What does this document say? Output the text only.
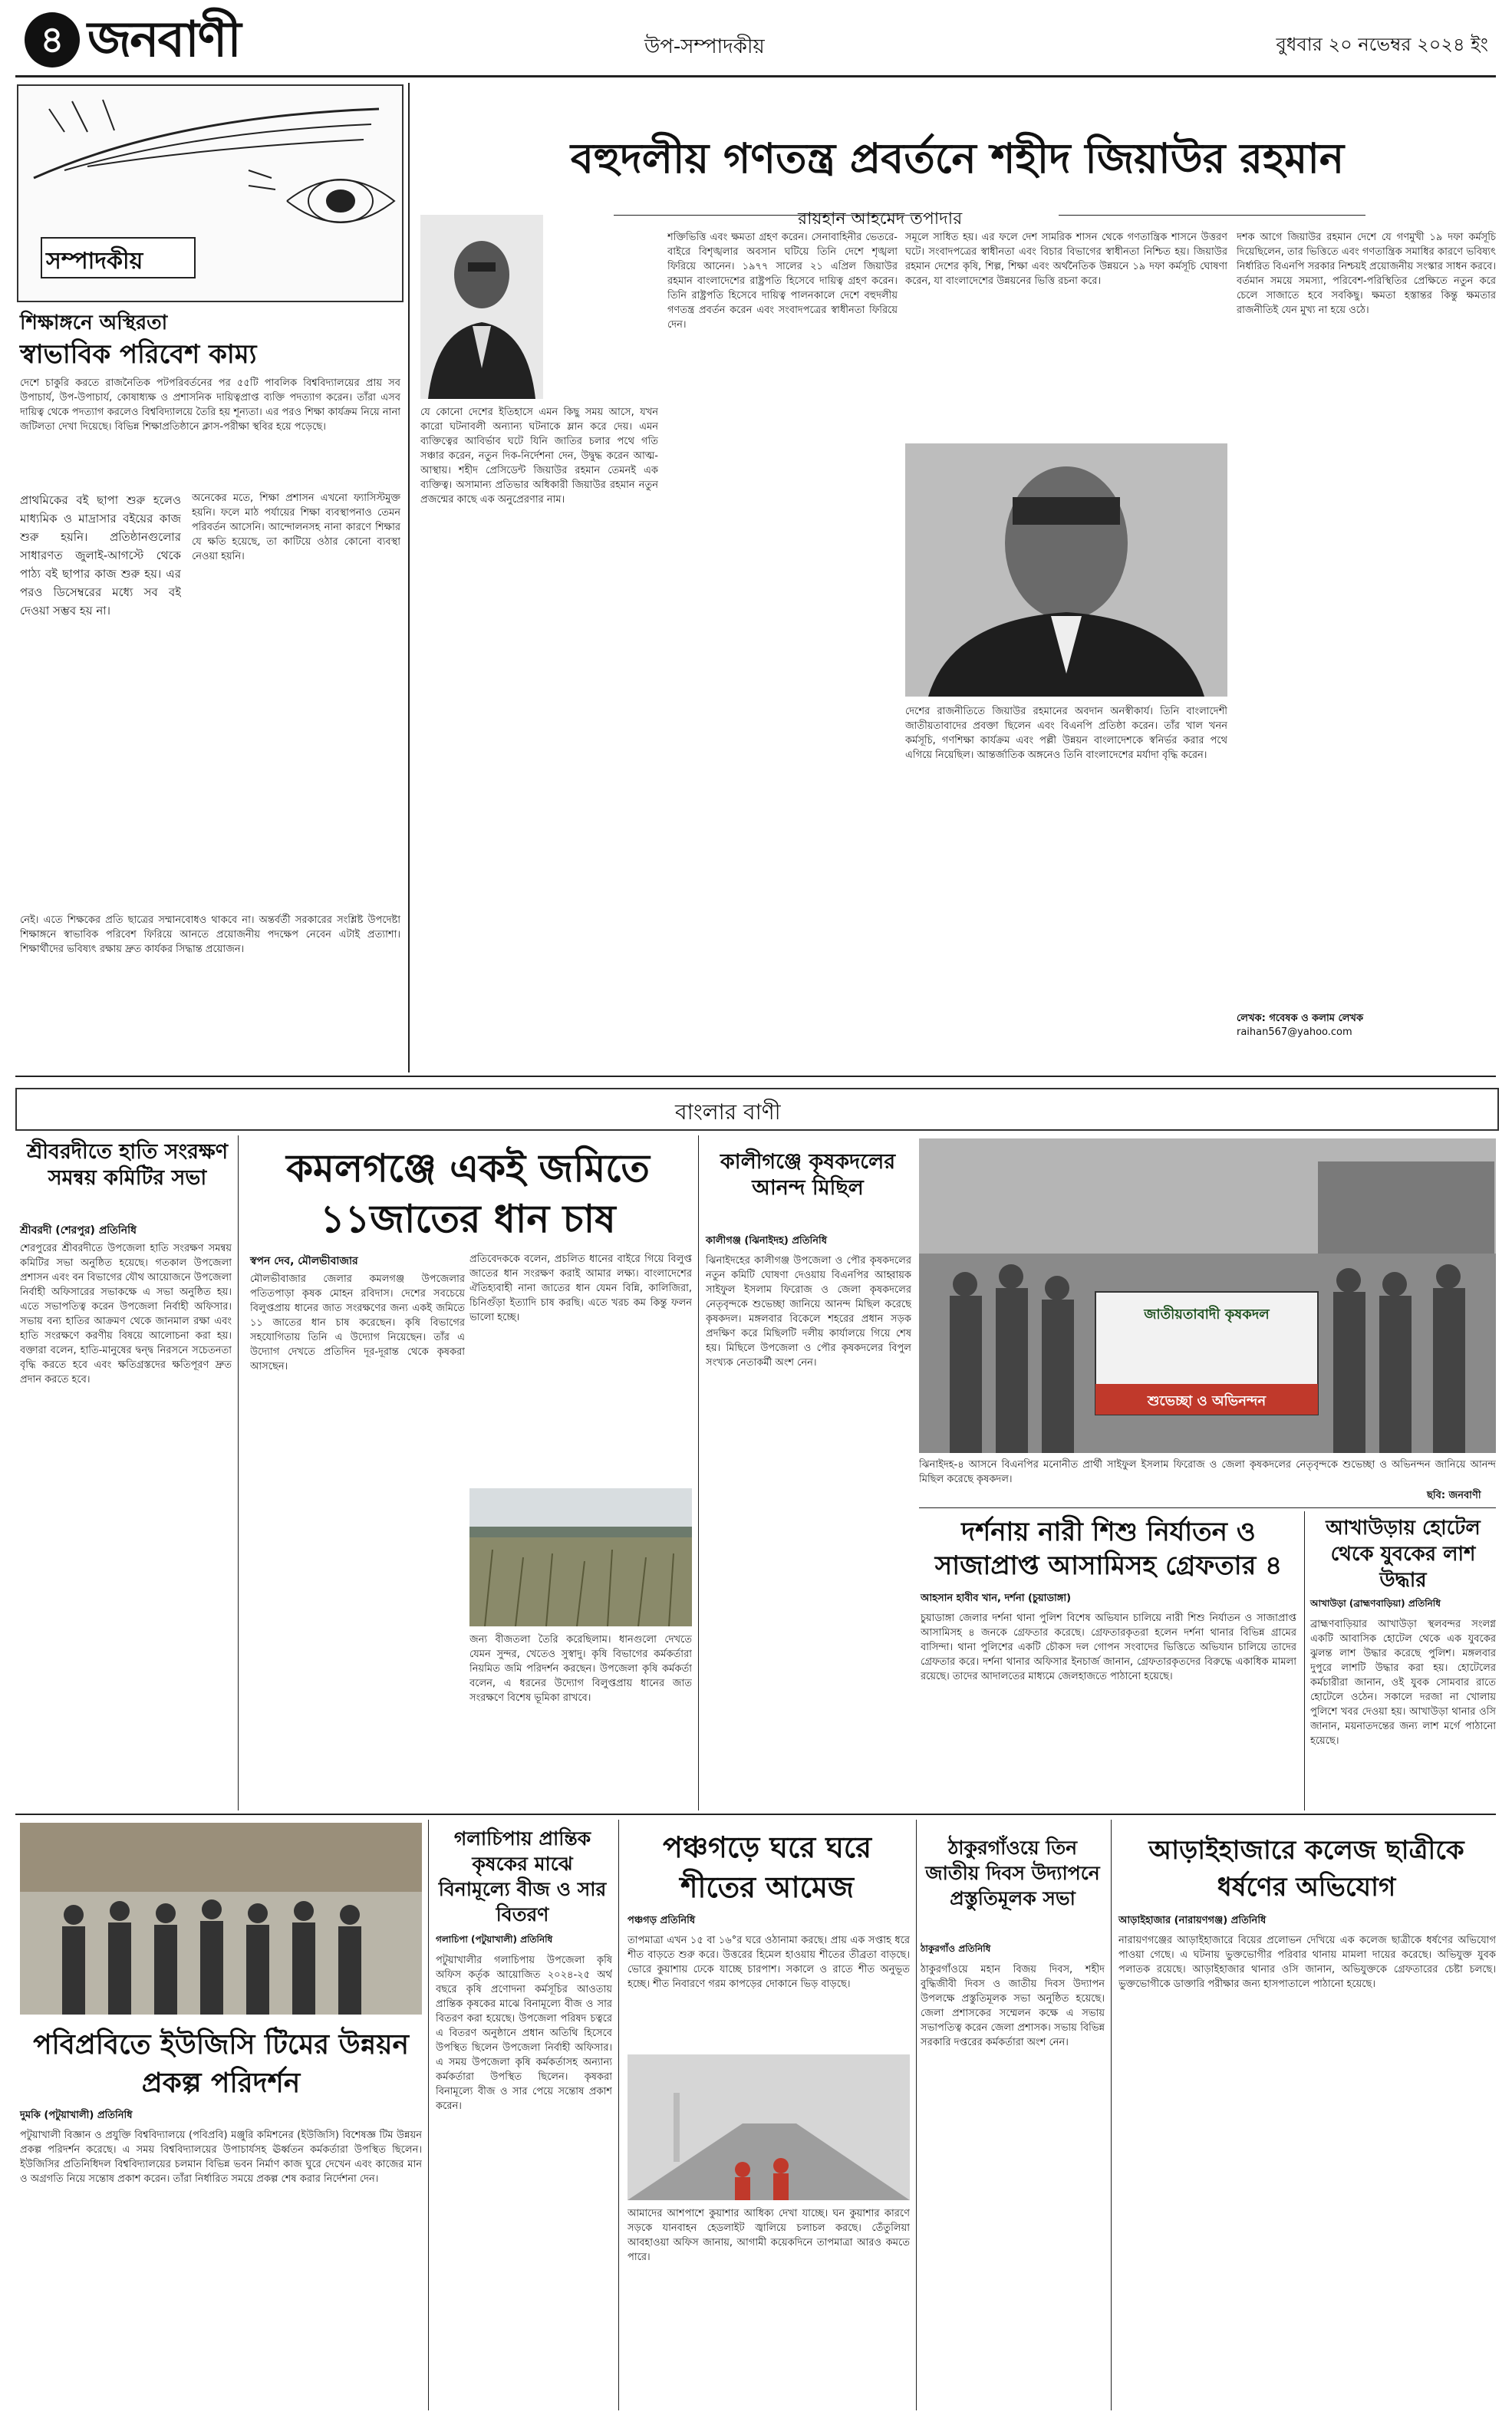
৪ জনবাণী	উপ-সম্পাদকীয়	বুধবার ২০ নভেম্বর ২০২৪ ইং
সম্পাদকীয়
শিক্ষাঙ্গনে অস্থিরতা
স্বাভাবিক পরিবেশ কাম্য
দেশে চাকুরি করতে রাজনৈতিক পটপরিবর্তনের পর ৫৫টি পাবলিক বিশ্ববিদ্যালয়ের প্রায় সব উপাচার্য, উপ-উপাচার্য, কোষাধ্যক্ষ ও প্রশাসনিক দায়িত্বপ্রাপ্ত ব্যক্তি পদত্যাগ করেন। তাঁরা এসব দায়িত্ব থেকে পদত্যাগ করলেও বিশ্ববিদ্যালয়ে তৈরি হয় শূন্যতা। এর পরও শিক্ষা কার্যক্রম নিয়ে নানা জটিলতা দেখা দিয়েছে। বিভিন্ন শিক্ষাপ্রতিষ্ঠানে ক্লাস-পরীক্ষা স্থবির হয়ে পড়েছে।
প্রাথমিকের বই ছাপা শুরু হলেও মাধ্যমিক ও মাদ্রাসার বইয়ের কাজ শুরু হয়নি। প্রতিষ্ঠানগুলোর সাধারণত জুলাই-আগস্টে থেকে পাঠ্য বই ছাপার কাজ শুরু হয়। এর পরও ডিসেম্বরের মধ্যে সব বই দেওয়া সম্ভব হয় না।
অনেকের মতে, শিক্ষা প্রশাসন এখনো ফ্যাসিস্টমুক্ত হয়নি। ফলে মাঠ পর্যায়ের শিক্ষা ব্যবস্থাপনাও তেমন পরিবর্তন আসেনি। আন্দোলনসহ নানা কারণে শিক্ষার যে ক্ষতি হয়েছে, তা কাটিয়ে ওঠার কোনো ব্যবস্থা নেওয়া হয়নি।
নেই। এতে শিক্ষকের প্রতি ছাত্রের সম্মানবোধও থাকবে না। অন্তর্বর্তী সরকারের সংশ্লিষ্ট উপদেষ্টা শিক্ষাঙ্গনে স্বাভাবিক পরিবেশ ফিরিয়ে আনতে প্রয়োজনীয় পদক্ষেপ নেবেন এটাই প্রত্যাশা। শিক্ষার্থীদের ভবিষ্যৎ রক্ষায় দ্রুত কার্যকর সিদ্ধান্ত প্রয়োজন।
বহুদলীয় গণতন্ত্র প্রবর্তনে শহীদ জিয়াউর রহমান
রায়হান আহমেদ তপাদার
যে কোনো দেশের ইতিহাসে এমন কিছু সময় আসে, যখন কারো ঘটনাবলী অন্যান্য ঘটনাকে ম্লান করে দেয়। এমন ব্যক্তিত্বের আবির্ভাব ঘটে যিনি জাতির চলার পথে গতি সঞ্চার করেন, নতুন দিক-নির্দেশনা দেন, উদ্বুদ্ধ করেন আত্ম-আস্থায়। শহীদ প্রেসিডেন্ট জিয়াউর রহমান তেমনই এক ব্যক্তিত্ব। অসামান্য প্রতিভার অধিকারী জিয়াউর রহমান নতুন প্রজন্মের কাছে এক অনুপ্রেরণার নাম।
শক্তিভিত্তি এবং ক্ষমতা গ্রহণ করেন। সেনাবাহিনীর ভেতরে-বাইরে বিশৃঙ্খলার অবসান ঘটিয়ে তিনি দেশে শৃঙ্খলা ফিরিয়ে আনেন। ১৯৭৭ সালের ২১ এপ্রিল জিয়াউর রহমান বাংলাদেশের রাষ্ট্রপতি হিসেবে দায়িত্ব গ্রহণ করেন। তিনি রাষ্ট্রপতি হিসেবে দায়িত্ব পালনকালে দেশে বহুদলীয় গণতন্ত্র প্রবর্তন করেন এবং সংবাদপত্রের স্বাধীনতা ফিরিয়ে দেন।
সমূলে সাধিত হয়। এর ফলে দেশ সামরিক শাসন থেকে গণতান্ত্রিক শাসনে উত্তরণ ঘটে। সংবাদপত্রের স্বাধীনতা এবং বিচার বিভাগের স্বাধীনতা নিশ্চিত হয়। জিয়াউর রহমান দেশের কৃষি, শিল্প, শিক্ষা এবং অর্থনৈতিক উন্নয়নে ১৯ দফা কর্মসূচি ঘোষণা করেন, যা বাংলাদেশের উন্নয়নের ভিত্তি রচনা করে।
দেশের রাজনীতিতে জিয়াউর রহমানের অবদান অনস্বীকার্য। তিনি বাংলাদেশী জাতীয়তাবাদের প্রবক্তা ছিলেন এবং বিএনপি প্রতিষ্ঠা করেন। তাঁর খাল খনন কর্মসূচি, গণশিক্ষা কার্যক্রম এবং পল্লী উন্নয়ন বাংলাদেশকে স্বনির্ভর করার পথে এগিয়ে নিয়েছিল। আন্তর্জাতিক অঙ্গনেও তিনি বাংলাদেশের মর্যাদা বৃদ্ধি করেন।
দশক আগে জিয়াউর রহমান দেশে যে গণমুখী ১৯ দফা কর্মসূচি দিয়েছিলেন, তার ভিত্তিতে এবং গণতান্ত্রিক সমাধির কারণে ভবিষ্যৎ নির্ধারিত বিএনপি সরকার নিশ্চয়ই প্রয়োজনীয় সংস্কার সাধন করবে। বর্তমান সময়ে সমস্যা, পরিবেশ-পরিস্থিতির প্রেক্ষিতে নতুন করে চেলে সাজাতে হবে সবকিছু। ক্ষমতা হস্তান্তর কিন্তু ক্ষমতার রাজনীতিই যেন মুখ্য না হয়ে ওঠে।
লেখক: গবেষক ও কলাম লেখক
raihan567@yahoo.com
বাংলার বাণী
শ্রীবরদীতে হাতি সংরক্ষণ সমন্বয় কমিটির সভা
শ্রীবরদী (শেরপুর) প্রতিনিধি
শেরপুরের শ্রীবরদীতে উপজেলা হাতি সংরক্ষণ সমন্বয় কমিটির সভা অনুষ্ঠিত হয়েছে। গতকাল উপজেলা প্রশাসন এবং বন বিভাগের যৌথ আয়োজনে উপজেলা নির্বাহী অফিসারের সভাকক্ষে এ সভা অনুষ্ঠিত হয়। এতে সভাপতিত্ব করেন উপজেলা নির্বাহী অফিসার। সভায় বন্য হাতির আক্রমণ থেকে জানমাল রক্ষা এবং হাতি সংরক্ষণে করণীয় বিষয়ে আলোচনা করা হয়। বক্তারা বলেন, হাতি-মানুষের দ্বন্দ্ব নিরসনে সচেতনতা বৃদ্ধি করতে হবে এবং ক্ষতিগ্রস্তদের ক্ষতিপূরণ দ্রুত প্রদান করতে হবে।
কমলগঞ্জে একই জমিতে ১১জাতের ধান চাষ
স্বপন দেব, মৌলভীবাজার
মৌলভীবাজার জেলার কমলগঞ্জ উপজেলার পতিতপাড়া কৃষক মোহন রবিদাস। দেশের সবচেয়ে বিলুপ্তপ্রায় ধানের জাত সংরক্ষণের জন্য একই জমিতে ১১ জাতের ধান চাষ করেছেন। কৃষি বিভাগের সহযোগিতায় তিনি এ উদ্যোগ নিয়েছেন। তাঁর এ উদ্যোগ দেখতে প্রতিদিন দূর-দূরান্ত থেকে কৃষকরা আসছেন।
প্রতিবেদককে বলেন, প্রচলিত ধানের বাইরে গিয়ে বিলুপ্ত জাতের ধান সংরক্ষণ করাই আমার লক্ষ্য। বাংলাদেশের ঐতিহ্যবাহী নানা জাতের ধান যেমন বিন্নি, কালিজিরা, চিনিগুঁড়া ইত্যাদি চাষ করছি। এতে খরচ কম কিন্তু ফলন ভালো হচ্ছে।
জন্য বীজতলা তৈরি করেছিলাম। ধানগুলো দেখতে যেমন সুন্দর, খেতেও সুস্বাদু। কৃষি বিভাগের কর্মকর্তারা নিয়মিত জমি পরিদর্শন করছেন। উপজেলা কৃষি কর্মকর্তা বলেন, এ ধরনের উদ্যোগ বিলুপ্তপ্রায় ধানের জাত সংরক্ষণে বিশেষ ভূমিকা রাখবে।
কালীগঞ্জে কৃষকদলের আনন্দ মিছিল
কালীগঞ্জ (ঝিনাইদহ) প্রতিনিধি
ঝিনাইদহের কালীগঞ্জ উপজেলা ও পৌর কৃষকদলের নতুন কমিটি ঘোষণা দেওয়ায় বিএনপির আহ্বায়ক সাইফুল ইসলাম ফিরোজ ও জেলা কৃষকদলের নেতৃবৃন্দকে শুভেচ্ছা জানিয়ে আনন্দ মিছিল করেছে কৃষকদল। মঙ্গলবার বিকেলে শহরের প্রধান সড়ক প্রদক্ষিণ করে মিছিলটি দলীয় কার্যালয়ে গিয়ে শেষ হয়। মিছিলে উপজেলা ও পৌর কৃষকদলের বিপুল সংখ্যক নেতাকর্মী অংশ নেন।
জাতীয়তাবাদী কৃষকদল
শুভেচ্ছা ও অভিনন্দন
ঝিনাইদহ-৪ আসনে বিএনপির মনোনীত প্রার্থী সাইফুল ইসলাম ফিরোজ ও জেলা কৃষকদলের নেতৃবৃন্দকে শুভেচ্ছা ও অভিনন্দন জানিয়ে আনন্দ মিছিল করেছে কৃষকদল।
ছবি: জনবাণী
দর্শনায় নারী শিশু নির্যাতন ও সাজাপ্রাপ্ত আসামিসহ গ্রেফতার ৪
আহসান হাবীব খান, দর্শনা (চুয়াডাঙ্গা)
চুয়াডাঙ্গা জেলার দর্শনা থানা পুলিশ বিশেষ অভিযান চালিয়ে নারী শিশু নির্যাতন ও সাজাপ্রাপ্ত আসামিসহ ৪ জনকে গ্রেফতার করেছে। গ্রেফতারকৃতরা হলেন দর্শনা থানার বিভিন্ন গ্রামের বাসিন্দা। থানা পুলিশের একটি চৌকস দল গোপন সংবাদের ভিত্তিতে অভিযান চালিয়ে তাদের গ্রেফতার করে। দর্শনা থানার অফিসার ইনচার্জ জানান, গ্রেফতারকৃতদের বিরুদ্ধে একাধিক মামলা রয়েছে। তাদের আদালতের মাধ্যমে জেলহাজতে পাঠানো হয়েছে।
আখাউড়ায় হোটেল থেকে যুবকের লাশ উদ্ধার
আখাউড়া (ব্রাহ্মণবাড়িয়া) প্রতিনিধি
ব্রাহ্মণবাড়িয়ার আখাউড়া স্থলবন্দর সংলগ্ন একটি আবাসিক হোটেল থেকে এক যুবকের ঝুলন্ত লাশ উদ্ধার করেছে পুলিশ। মঙ্গলবার দুপুরে লাশটি উদ্ধার করা হয়। হোটেলের কর্মচারীরা জানান, ওই যুবক সোমবার রাতে হোটেলে ওঠেন। সকালে দরজা না খোলায় পুলিশে খবর দেওয়া হয়। আখাউড়া থানার ওসি জানান, ময়নাতদন্তের জন্য লাশ মর্গে পাঠানো হয়েছে।
পবিপ্রবিতে ইউজিসি টিমের উন্নয়ন প্রকল্প পরিদর্শন
দুমকি (পটুয়াখালী) প্রতিনিধি
পটুয়াখালী বিজ্ঞান ও প্রযুক্তি বিশ্ববিদ্যালয়ে (পবিপ্রবি) মঞ্জুরি কমিশনের (ইউজিসি) বিশেষজ্ঞ টিম উন্নয়ন প্রকল্প পরিদর্শন করেছে। এ সময় বিশ্ববিদ্যালয়ের উপাচার্যসহ ঊর্ধ্বতন কর্মকর্তারা উপস্থিত ছিলেন। ইউজিসির প্রতিনিধিদল বিশ্ববিদ্যালয়ের চলমান বিভিন্ন ভবন নির্মাণ কাজ ঘুরে দেখেন এবং কাজের মান ও অগ্রগতি নিয়ে সন্তোষ প্রকাশ করেন। তাঁরা নির্ধারিত সময়ে প্রকল্প শেষ করার নির্দেশনা দেন।
গলাচিপায় প্রান্তিক কৃষকের মাঝে বিনামূল্যে বীজ ও সার বিতরণ
গলাচিপা (পটুয়াখালী) প্রতিনিধি
পটুয়াখালীর গলাচিপায় উপজেলা কৃষি অফিস কর্তৃক আয়োজিত ২০২৪-২৫ অর্থ বছরে কৃষি প্রণোদনা কর্মসূচির আওতায় প্রান্তিক কৃষকের মাঝে বিনামূল্যে বীজ ও সার বিতরণ করা হয়েছে। উপজেলা পরিষদ চত্বরে এ বিতরণ অনুষ্ঠানে প্রধান অতিথি হিসেবে উপস্থিত ছিলেন উপজেলা নির্বাহী অফিসার। এ সময় উপজেলা কৃষি কর্মকর্তাসহ অন্যান্য কর্মকর্তারা উপস্থিত ছিলেন। কৃষকরা বিনামূল্যে বীজ ও সার পেয়ে সন্তোষ প্রকাশ করেন।
পঞ্চগড়ে ঘরে ঘরে শীতের আমেজ
পঞ্চগড় প্রতিনিধি
তাপমাত্রা এখন ১৫ বা ১৬°র ঘরে ওঠানামা করছে। প্রায় এক সপ্তাহ ধরে শীত বাড়তে শুরু করে। উত্তরের হিমেল হাওয়ায় শীতের তীব্রতা বাড়ছে। ভোরে কুয়াশায় ঢেকে যাচ্ছে চারপাশ। সকালে ও রাতে শীত অনুভূত হচ্ছে। শীত নিবারণে গরম কাপড়ের দোকানে ভিড় বাড়ছে।
আমাদের আশপাশে কুয়াশার আধিক্য দেখা যাচ্ছে। ঘন কুয়াশার কারণে সড়কে যানবাহন হেডলাইট জ্বালিয়ে চলাচল করছে। তেঁতুলিয়া আবহাওয়া অফিস জানায়, আগামী কয়েকদিনে তাপমাত্রা আরও কমতে পারে।
ঠাকুরগাঁওয়ে তিন জাতীয় দিবস উদ্যাপনে প্রস্তুতিমূলক সভা
ঠাকুরগাঁও প্রতিনিধি
ঠাকুরগাঁওয়ে মহান বিজয় দিবস, শহীদ বুদ্ধিজীবী দিবস ও জাতীয় দিবস উদ্যাপন উপলক্ষে প্রস্তুতিমূলক সভা অনুষ্ঠিত হয়েছে। জেলা প্রশাসকের সম্মেলন কক্ষে এ সভায় সভাপতিত্ব করেন জেলা প্রশাসক। সভায় বিভিন্ন সরকারি দপ্তরের কর্মকর্তারা অংশ নেন।
আড়াইহাজারে কলেজ ছাত্রীকে ধর্ষণের অভিযোগ
আড়াইহাজার (নারায়ণগঞ্জ) প্রতিনিধি
নারায়ণগঞ্জের আড়াইহাজারে বিয়ের প্রলোভন দেখিয়ে এক কলেজ ছাত্রীকে ধর্ষণের অভিযোগ পাওয়া গেছে। এ ঘটনায় ভুক্তভোগীর পরিবার থানায় মামলা দায়ের করেছে। অভিযুক্ত যুবক পলাতক রয়েছে। আড়াইহাজার থানার ওসি জানান, অভিযুক্তকে গ্রেফতারের চেষ্টা চলছে। ভুক্তভোগীকে ডাক্তারি পরীক্ষার জন্য হাসপাতালে পাঠানো হয়েছে।
